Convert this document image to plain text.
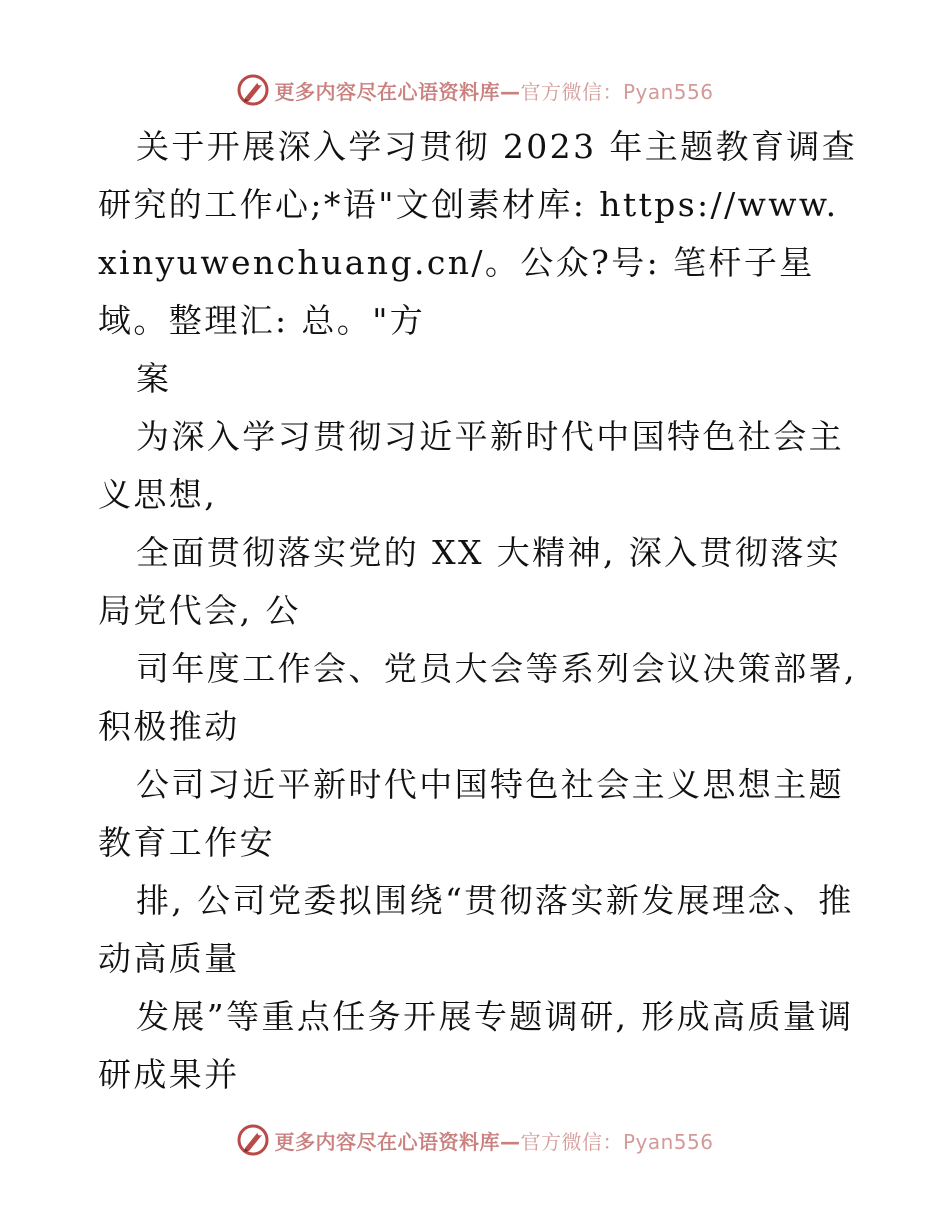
更多内容尽在心语资料库—官方微信：Pyan556

关于开展深入学习贯彻 2023 年主题教育调查研究的工作心;*语"文创素材库: https://www.xinyuwenchuang.cn/。公众?号: 笔杆子星域。整理汇: 总。"方

案

为深入学习贯彻习近平新时代中国特色社会主义思想,

全面贯彻落实党的 XX 大精神, 深入贯彻落实局党代会, 公

司年度工作会、党员大会等系列会议决策部署,积极推动

公司习近平新时代中国特色社会主义思想主题教育工作安

排, 公司党委拟围绕“贯彻落实新发展理念、推动高质量

发展”等重点任务开展专题调研, 形成高质量调研成果并

更多内容尽在心语资料库—官方微信：Pyan556
